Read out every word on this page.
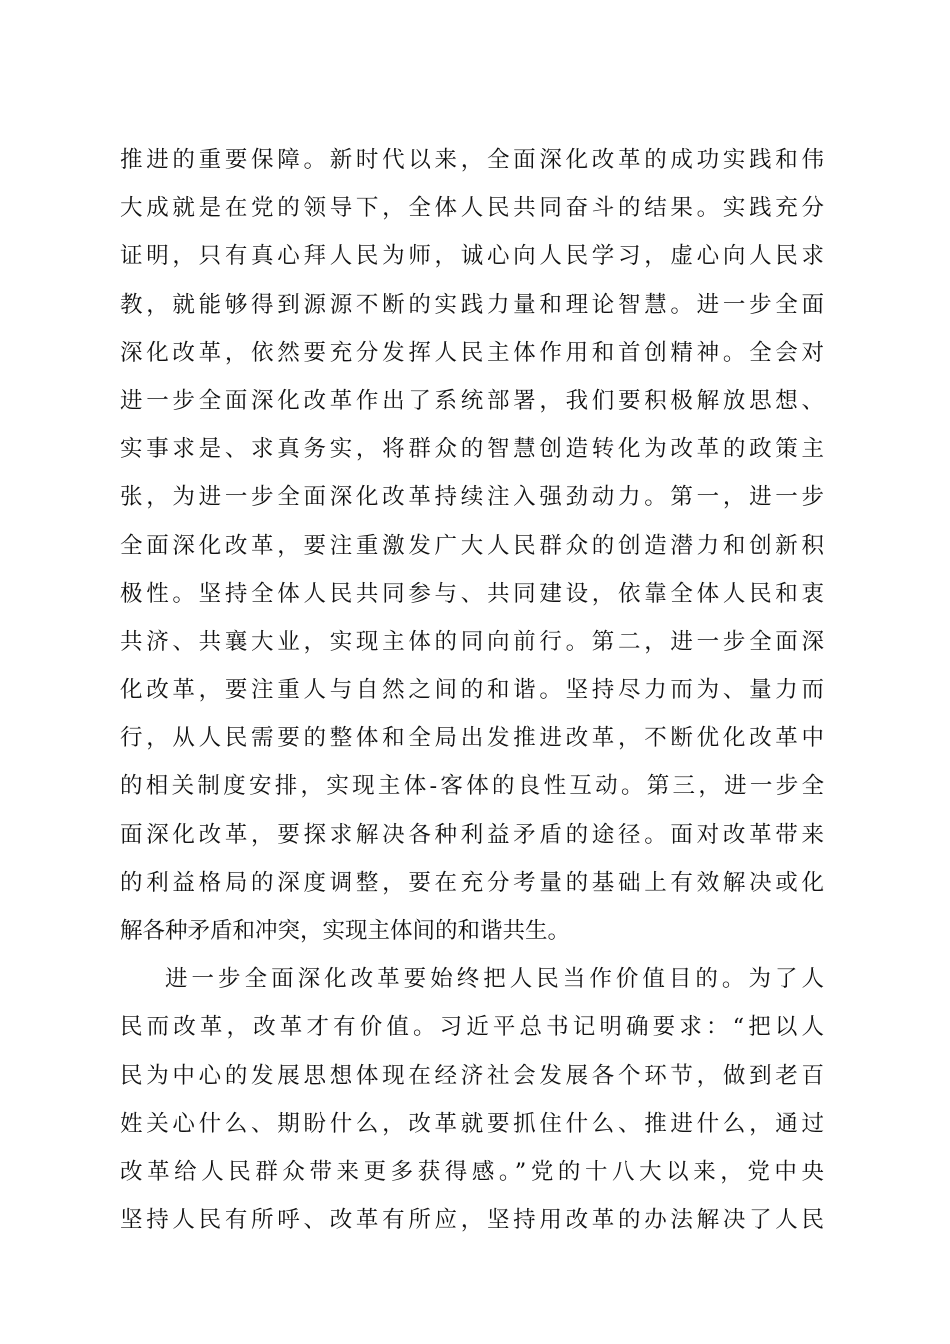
推进的重要保障。新时代以来，全面深化改革的成功实践和伟
大成就是在党的领导下，全体人民共同奋斗的结果。实践充分
证明，只有真心拜人民为师，诚心向人民学习，虚心向人民求
教，就能够得到源源不断的实践力量和理论智慧。进一步全面
深化改革，依然要充分发挥人民主体作用和首创精神。全会对
进一步全面深化改革作出了系统部署，我们要积极解放思想、
实事求是、求真务实，将群众的智慧创造转化为改革的政策主
张，为进一步全面深化改革持续注入强劲动力。第一，进一步
全面深化改革，要注重激发广大人民群众的创造潜力和创新积
极性。坚持全体人民共同参与、共同建设，依靠全体人民和衷
共济、共襄大业，实现主体的同向前行。第二，进一步全面深
化改革，要注重人与自然之间的和谐。坚持尽力而为、量力而
行，从人民需要的整体和全局出发推进改革，不断优化改革中
的相关制度安排，实现主体-客体的良性互动。第三，进一步全
面深化改革，要探求解决各种利益矛盾的途径。面对改革带来
的利益格局的深度调整，要在充分考量的基础上有效解决或化
解各种矛盾和冲突，实现主体间的和谐共生。
进一步全面深化改革要始终把人民当作价值目的。为了人
民而改革，改革才有价值。习近平总书记明确要求：“把以人
民为中心的发展思想体现在经济社会发展各个环节，做到老百
姓关心什么、期盼什么，改革就要抓住什么、推进什么，通过
改革给人民群众带来更多获得感。”党的十八大以来，党中央
坚持人民有所呼、改革有所应，坚持用改革的办法解决了人民
